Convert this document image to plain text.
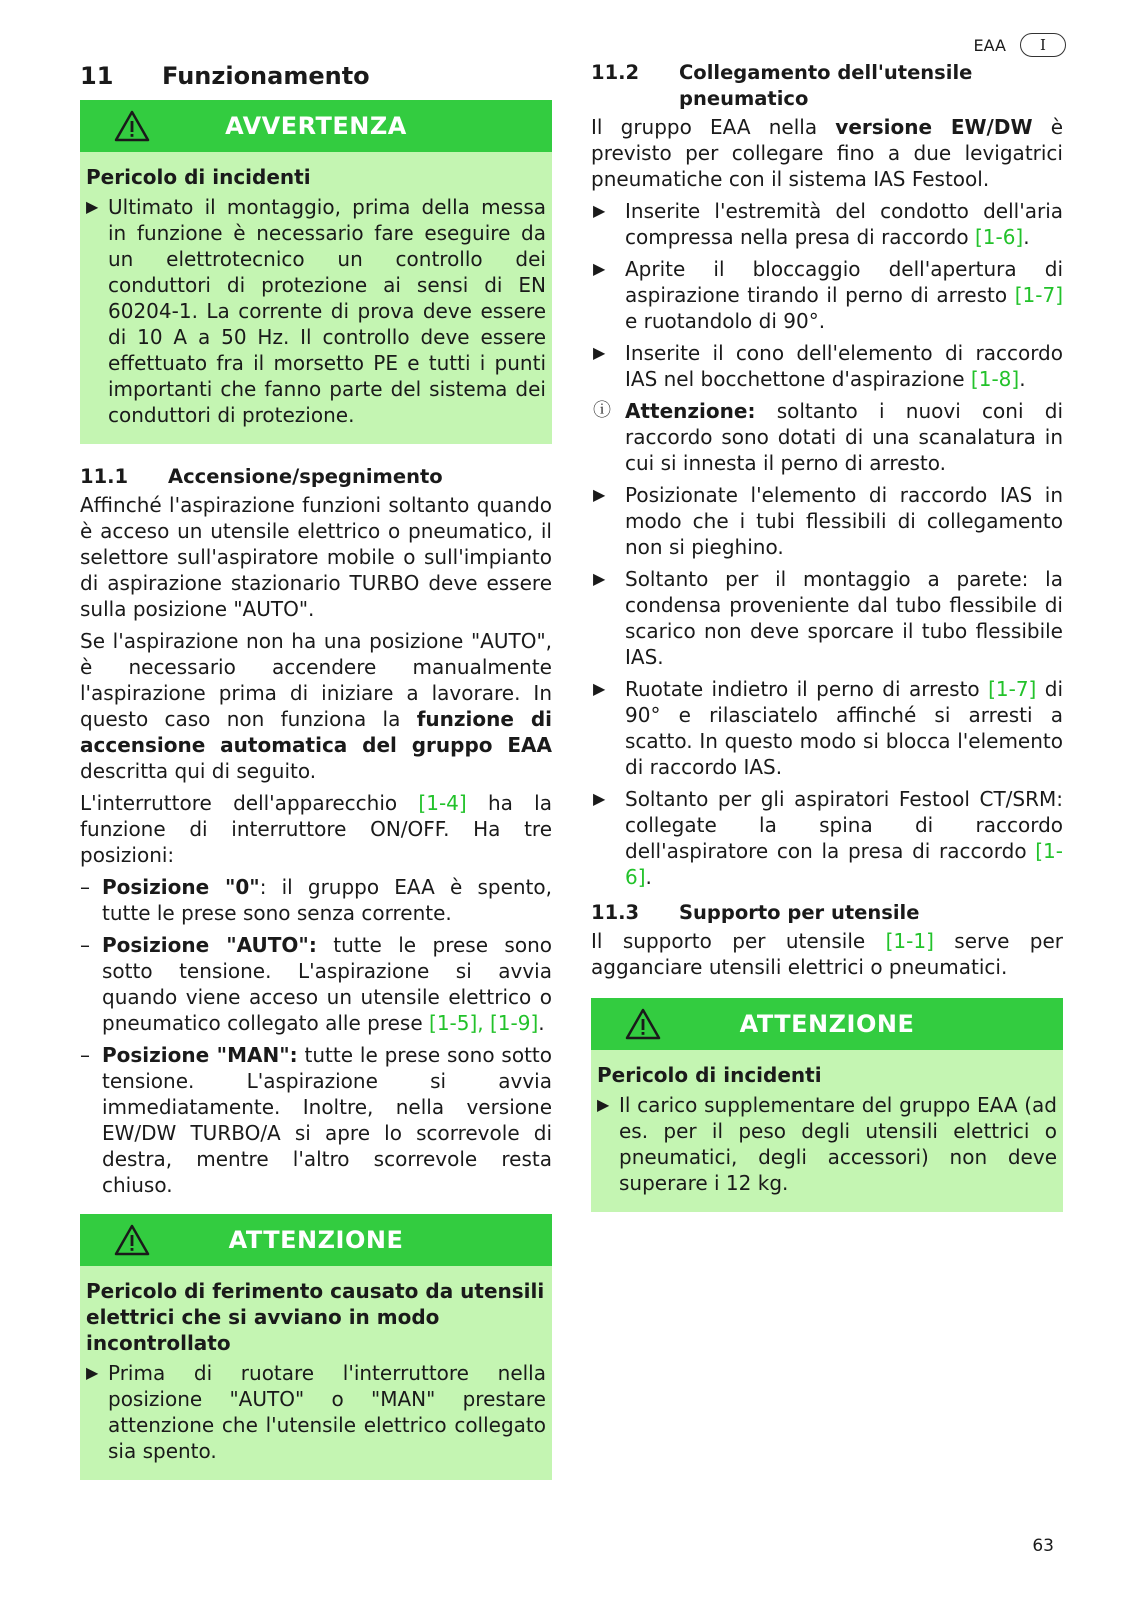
EAA	I
11	Funzionamento
AVVERTENZA
Pericolo di incidenti
▶ Ultimato il montaggio, prima della messa in funzione è necessario fare eseguire da un elettrotecnico un controllo dei conduttori di protezione ai sensi di EN 60204-1. La corrente di prova deve essere di 10 A a 50 Hz. Il controllo deve essere effettuato fra il morsetto PE e tutti i punti importanti che fanno parte del sistema dei conduttori di protezione.
11.1	Accensione/spegnimento

Affinché l'aspirazione funzioni soltanto quando è acceso un utensile elettrico o pneumatico, il selettore sull'aspiratore mobile o sull'impianto di aspirazione stazionario TURBO deve essere sulla posizione "AUTO".

Se l'aspirazione non ha una posizione "AUTO", è necessario accendere manualmente l'aspirazione prima di iniziare a lavorare. In questo caso non funziona la funzione di accensione automatica del gruppo EAA descritta qui di seguito.

L'interruttore dell'apparecchio [1-4] ha la funzione di interruttore ON/OFF. Ha tre posizioni:

– Posizione "0": il gruppo EAA è spento, tutte le prese sono senza corrente.
– Posizione "AUTO": tutte le prese sono sotto tensione. L'aspirazione si avvia quando viene acceso un utensile elettrico o pneumatico collegato alle prese [1-5], [1-9].
– Posizione "MAN": tutte le prese sono sotto tensione. L'aspirazione si avvia immediatamente. Inoltre, nella versione EW/DW TURBO/A si apre lo scorrevole di destra, mentre l'altro scorrevole resta chiuso.
ATTENZIONE
Pericolo di ferimento causato da utensili elettrici che si avviano in modo incontrollato
▶ Prima di ruotare l'interruttore nella posizione "AUTO" o "MAN" prestare attenzione che l'utensile elettrico collegato sia spento.
11.2	Collegamento dell'utensile pneumatico

Il gruppo EAA nella versione EW/DW è previsto per collegare fino a due levigatrici pneumatiche con il sistema IAS Festool.

▶ Inserite l'estremità del condotto dell'aria compressa nella presa di raccordo [1-6].
▶ Aprite il bloccaggio dell'apertura di aspirazione tirando il perno di arresto [1-7] e ruotandolo di 90°.
▶ Inserite il cono dell'elemento di raccordo IAS nel bocchettone d'aspirazione [1-8].
ⓘ Attenzione: soltanto i nuovi coni di raccordo sono dotati di una scanalatura in cui si innesta il perno di arresto.
▶ Posizionate l'elemento di raccordo IAS in modo che i tubi flessibili di collegamento non si pieghino.
▶ Soltanto per il montaggio a parete: la condensa proveniente dal tubo flessibile di scarico non deve sporcare il tubo flessibile IAS.
▶ Ruotate indietro il perno di arresto [1-7] di 90° e rilasciatelo affinché si arresti a scatto. In questo modo si blocca l'elemento di raccordo IAS.
▶ Soltanto per gli aspiratori Festool CT/SRM: collegate la spina di raccordo dell'aspiratore con la presa di raccordo [1-6].
11.3	Supporto per utensile

Il supporto per utensile [1-1] serve per agganciare utensili elettrici o pneumatici.

ATTENZIONE
Pericolo di incidenti
▶ Il carico supplementare del gruppo EAA (ad es. per il peso degli utensili elettrici o pneumatici, degli accessori) non deve superare i 12 kg.
63
